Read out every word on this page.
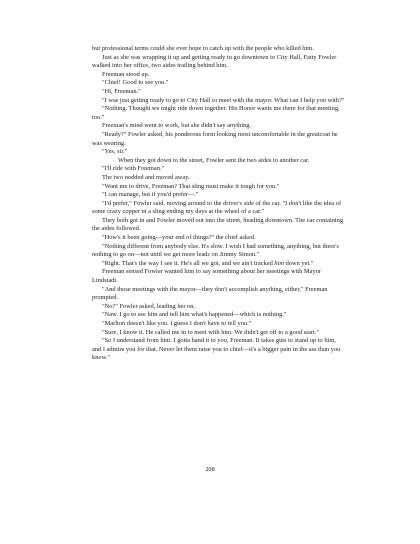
but professional terms could she ever hope to catch up with the people who killed him.

Just as she was wrapping it up and getting ready to go downtown to City Hall, Fatty Fowler walked into her office, two aides trailing behind him.

Freeman stood up.

"Chief! Good to see you."

"Hi, Freeman."

"I was just getting ready to go to City Hall to meet with the mayor. What can I help you with?"

"Nothing. Thought we might ride down together. His Honor wants me there for that meeting, too."

Freeman's mind went to work, but she didn't say anything.

"Ready?" Fowler asked, his ponderous form looking most uncomfortable in the greatcoat he was wearing.

"Yes, sir."

When they got down to the street, Fowler sent the two aides to another car.

"I'll ride with Freeman."

The two nodded and moved away.

"Want me to drive, Freeman? That sling must make it tough for you."

"I can manage, but if you'd prefer—."

"I'd prefer," Fowler said, moving around to the driver's side of the car. "I don't like the idea of some crazy copper in a sling ending my days at the wheel of a car."

They both got in and Fowler moved out into the street, heading downtown. The car containing the aides followed.

"How's it been going—your end of things?" the chief asked.

"Nothing different from anybody else. It's slow. I wish I had something, anything, but there's nothing to go on—not until we get more leads on Jimmy Simon."

"Right. That's the way I see it. He's all we got, and we ain't tracked him down yet."

Freeman sensed Fowler wanted him to say something about her meetings with Mayor Lindstadt.

"And those meetings with the mayor—they don't accomplish anything, either," Freeman prompted.

"No?" Fowler asked, leading her on.

"Naw. I go to see him and tell him what's happened—which is nothing."

"Marlton doesn't like you. I guess I don't have to tell you."

"Sure, I know it. He called me in to meet with him. We didn't get off to a good start."

"So I understand from him. I gotta hand it to you, Freeman. It takes guts to stand up to him, and I admire you for that. Never let them raise you to chief—it's a bigger pain in the ass than you know."

208
